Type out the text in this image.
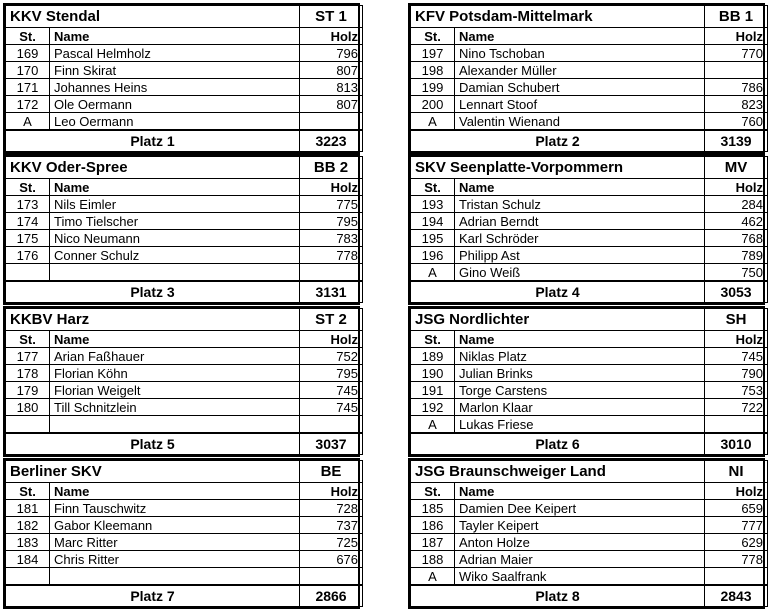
KKV Stendal		ST 1
St.	Name	Holz
169	Pascal Helmholz	796
170	Finn Skirat	807
171	Johannes Heins	813
172	Ole Oermann	807
A	Leo Oermann	
Platz 1		3223
KFV Potsdam-Mittelmark		BB 1
St.	Name	Holz
197	Nino Tschoban	770
198	Alexander Müller	
199	Damian Schubert	786
200	Lennart Stoof	823
A	Valentin Wienand	760
Platz 2		3139
KKV Oder-Spree		BB 2
St.	Name	Holz
173	Nils Eimler	775
174	Timo Tielscher	795
175	Nico Neumann	783
176	Conner Schulz	778

Platz 3		3131
SKV Seenplatte-Vorpommern		MV
St.	Name	Holz
193	Tristan Schulz	284
194	Adrian Berndt	462
195	Karl Schröder	768
196	Philipp Ast	789
A	Gino Weiß	750
Platz 4		3053
KKBV Harz		ST 2
St.	Name	Holz
177	Arian Faßhauer	752
178	Florian Köhn	795
179	Florian Weigelt	745
180	Till Schnitzlein	745

Platz 5		3037
JSG Nordlichter		SH
St.	Name	Holz
189	Niklas Platz	745
190	Julian Brinks	790
191	Torge Carstens	753
192	Marlon Klaar	722
A	Lukas Friese	
Platz 6		3010
Berliner SKV		BE
St.	Name	Holz
181	Finn Tauschwitz	728
182	Gabor Kleemann	737
183	Marc Ritter	725
184	Chris Ritter	676

Platz 7		2866
JSG Braunschweiger Land		NI
St.	Name	Holz
185	Damien Dee Keipert	659
186	Tayler Keipert	777
187	Anton Holze	629
188	Adrian Maier	778
A	Wiko Saalfrank	
Platz 8		2843
